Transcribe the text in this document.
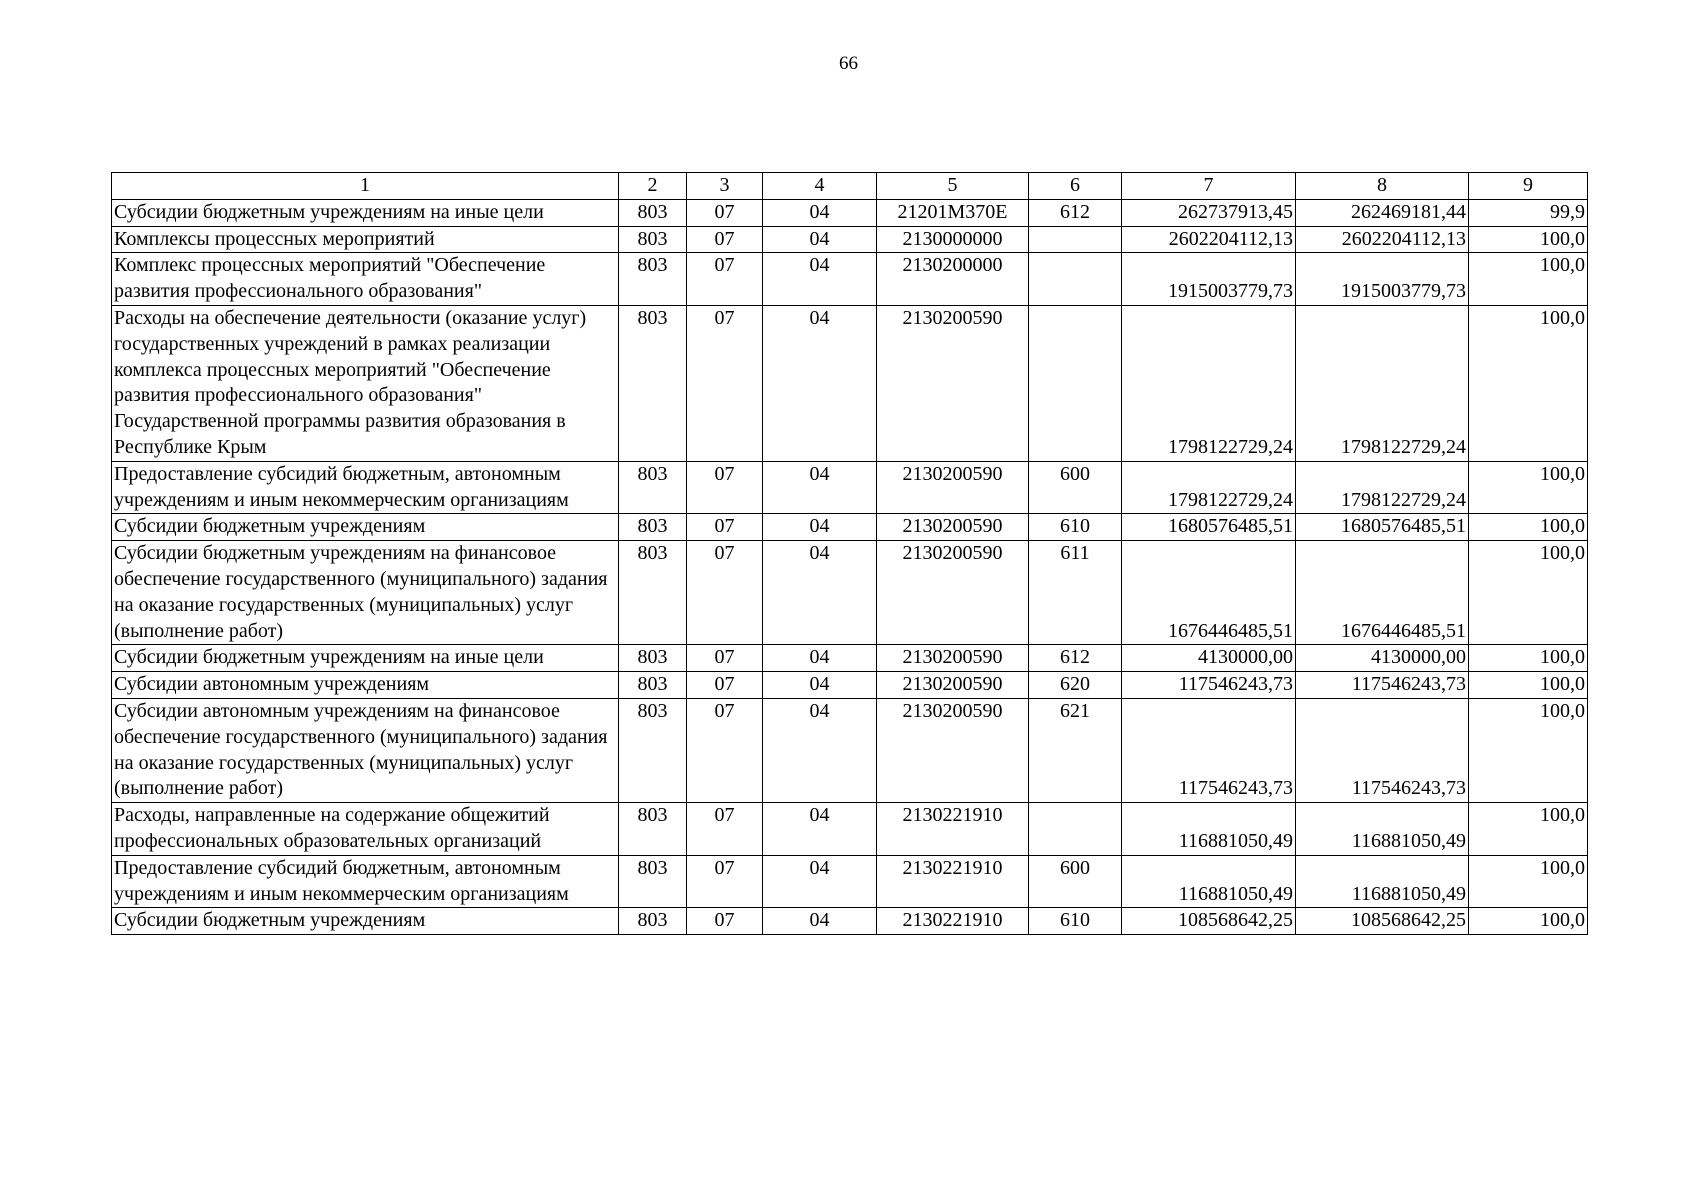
66
1	2	3	4	5	6	7	8	9
Субсидии бюджетным учреждениям на иные цели	803	07	04	21201M370E	612	262737913,45	262469181,44	99,9
Комплексы процессных мероприятий	803	07	04	2130000000		2602204112,13	2602204112,13	100,0
Комплекс процессных мероприятий "Обеспечение развития профессионального образования"	803	07	04	2130200000		1915003779,73	1915003779,73	100,0
Расходы на обеспечение деятельности (оказание услуг) государственных учреждений в рамках реализации комплекса процессных мероприятий "Обеспечение развития профессионального образования" Государственной программы развития образования в Республике Крым	803	07	04	2130200590		1798122729,24	1798122729,24	100,0
Предоставление субсидий бюджетным, автономным учреждениям и иным некоммерческим организациям	803	07	04	2130200590	600	1798122729,24	1798122729,24	100,0
Субсидии бюджетным учреждениям	803	07	04	2130200590	610	1680576485,51	1680576485,51	100,0
Субсидии бюджетным учреждениям на финансовое обеспечение государственного (муниципального) задания на оказание государственных (муниципальных) услуг (выполнение работ)	803	07	04	2130200590	611	1676446485,51	1676446485,51	100,0
Субсидии бюджетным учреждениям на иные цели	803	07	04	2130200590	612	4130000,00	4130000,00	100,0
Субсидии автономным учреждениям	803	07	04	2130200590	620	117546243,73	117546243,73	100,0
Субсидии автономным учреждениям на финансовое обеспечение государственного (муниципального) задания на оказание государственных (муниципальных) услуг (выполнение работ)	803	07	04	2130200590	621	117546243,73	117546243,73	100,0
Расходы, направленные на содержание общежитий профессиональных образовательных организаций	803	07	04	2130221910		116881050,49	116881050,49	100,0
Предоставление субсидий бюджетным, автономным учреждениям и иным некоммерческим организациям	803	07	04	2130221910	600	116881050,49	116881050,49	100,0
Субсидии бюджетным учреждениям	803	07	04	2130221910	610	108568642,25	108568642,25	100,0
